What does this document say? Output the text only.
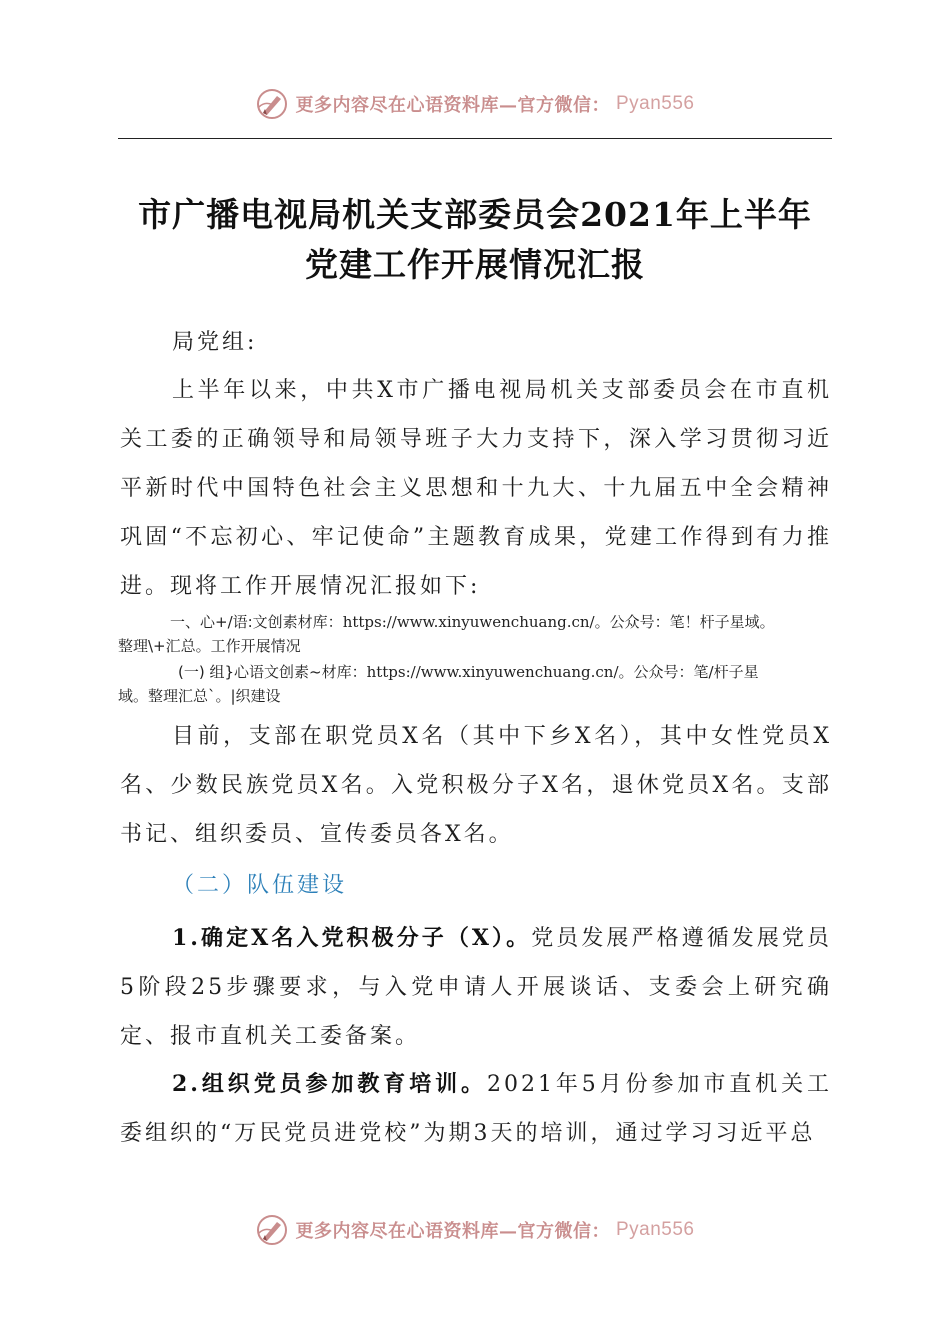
更多内容尽在心语资料库—官方微信： Pyan556
市广播电视局机关支部委员会2021年上半年
党建工作开展情况汇报
局党组:
上半年以来，中共X市广播电视局机关支部委员会在市直机关工委的正确领导和局领导班子大力支持下，深入学习贯彻习近平新时代中国特色社会主义思想和十九大、十九届五中全会精神巩固“不忘初心、牢记使命”主题教育成果，党建工作得到有力推进。现将工作开展情况汇报如下:
一、心+/语:文创素材库：https://www.xinyuwenchuang.cn/。公众号：笔！杆子星域。
整理\+汇总。工作开展情况
(一) 组}心语文创素~材库：https://www.xinyuwenchuang.cn/。公众号：笔/杆子星
域。整理汇总`。|织建设
目前，支部在职党员X名（其中下乡X名），其中女性党员X名、少数民族党员X名。入党积极分子X名，退休党员X名。支部书记、组织委员、宣传委员各X名。
（二）队伍建设
1.确定X名入党积极分子（X）。党员发展严格遵循发展党员5阶段25步骤要求，与入党申请人开展谈话、支委会上研究确定、报市直机关工委备案。
2.组织党员参加教育培训。2021年5月份参加市直机关工委组织的“万民党员进党校”为期3天的培训，通过学习习近平总
更多内容尽在心语资料库—官方微信： Pyan556
